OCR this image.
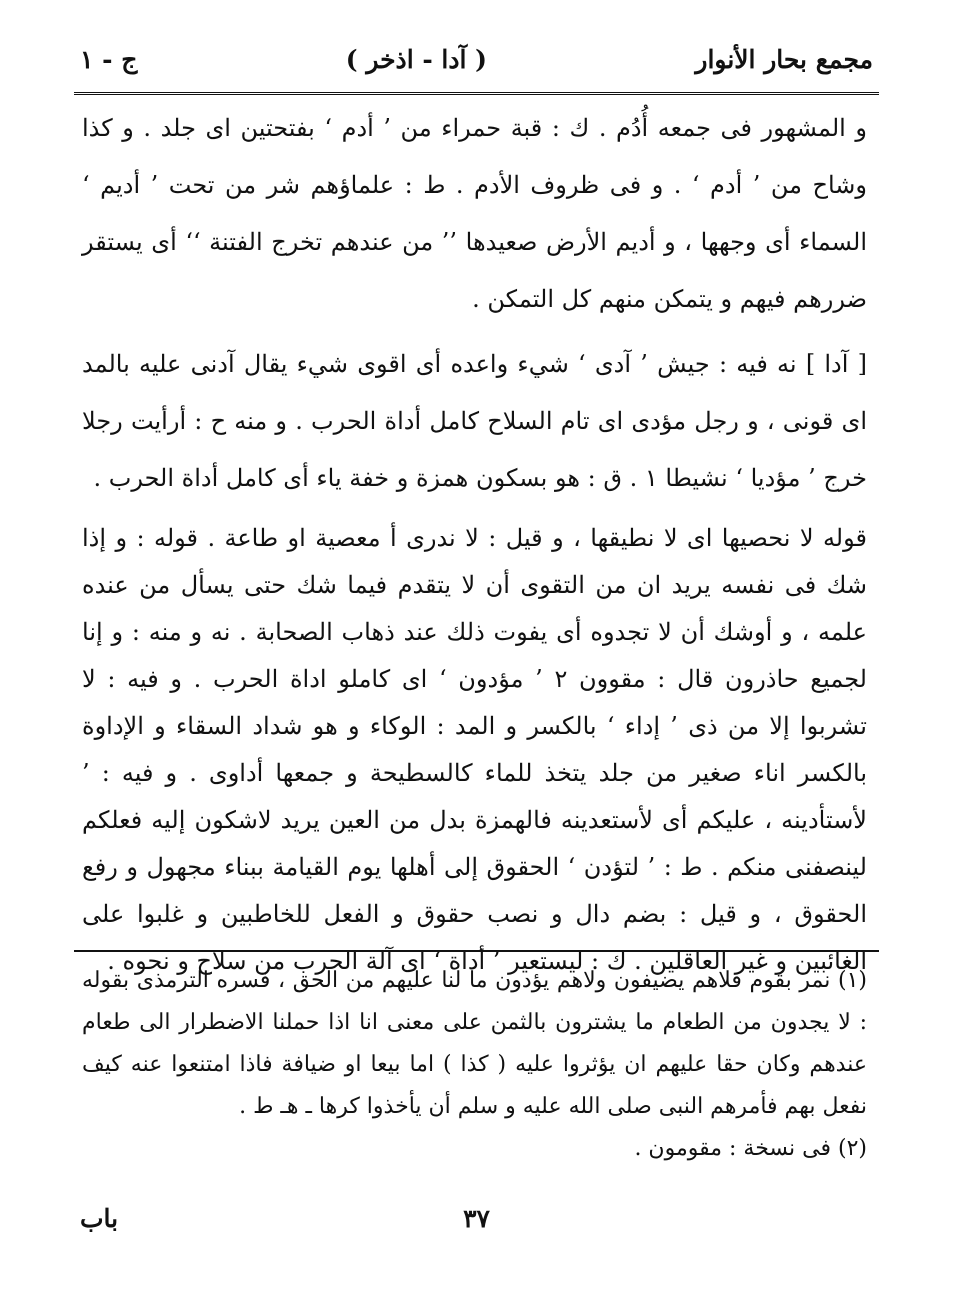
ج - ١	( آدا - اذخر )	مجمع بحار الأنوار

و المشهور فى جمعه أُدُم . ك : قبة حمراء من ’ أدم ‘ بفتحتين اى جلد . و كذا وشاح من ’ أدم ‘ . و فى ظروف الأدم . ط : علماؤهم شر من تحت ’ أديم ‘ السماء أى وجهها ، و أديم الأرض صعيدها ’’ من عندهم تخرج الفتنة ‘‘ أى يستقر ضررهم فيهم و يتمكن منهم كل التمكن .

[ آدا ] نه فيه : جيش ’ آدى ‘ شيء واعده أى اقوى شيء يقال آدنى عليه بالمد اى قونى ، و رجل مؤدى اى تام السلاح كامل أداة الحرب . و منه ح : أرأيت رجلا خرج ’ مؤديا ‘ نشيطا ١ . ق : هو بسكون همزة و خفة ياء أى كامل أداة الحرب .

قوله لا نحصيها اى لا نطيقها ، و قيل : لا ندرى أ معصية او طاعة . قوله : و إذا شك فى نفسه يريد ان من التقوى أن لا يتقدم فيما شك حتى يسأل من عنده علمه ، و أوشك أن لا تجدوه أى يفوت ذلك عند ذهاب الصحابة . نه و منه : و إنا لجميع حاذرون قال : مقوون ٢ ’ مؤدون ‘ اى كاملو اداة الحرب . و فيه : لا تشربوا إلا من ذى ’ إداء ‘ بالكسر و المد : الوكاء و هو شداد السقاء و الإداوة بالكسر اناء صغير من جلد يتخذ للماء كالسطيحة و جمعها أداوى . و فيه : ’ لأستأدينه ، عليكم أى لأستعدينه فالهمزة بدل من العين يريد لاشكون إليه فعلكم لينصفنى منكم . ط : ’ لتؤدن ‘ الحقوق إلى أهلها يوم القيامة ببناء مجهول و رفع الحقوق ، و قيل : بضم دال و نصب حقوق و الفعل للخاطبين و غلبوا على الغائبين و غير العاقلين . ك : ليستعير ’ أداة ‘ اى آلة الحرب من سلاح و نحوه .

(١) نمر بقوم فلاهم يضيفون ولاهم يؤدون ما لنا عليهم من الحق ، فسره الترمذى بقوله : لا يجدون من الطعام ما يشترون بالثمن على معنى انا اذا حملنا الاضطرار الى طعام عندهم وكان حقا عليهم ان يؤثروا عليه ( كذا ) اما بيعا او ضيافة فاذا امتنعوا عنه كيف نفعل بهم فأمرهم النبى صلى الله عليه و سلم أن يأخذوا كرها ـ هـ ط .

(٢) فى نسخة : مقومون .

باب	٣٧
